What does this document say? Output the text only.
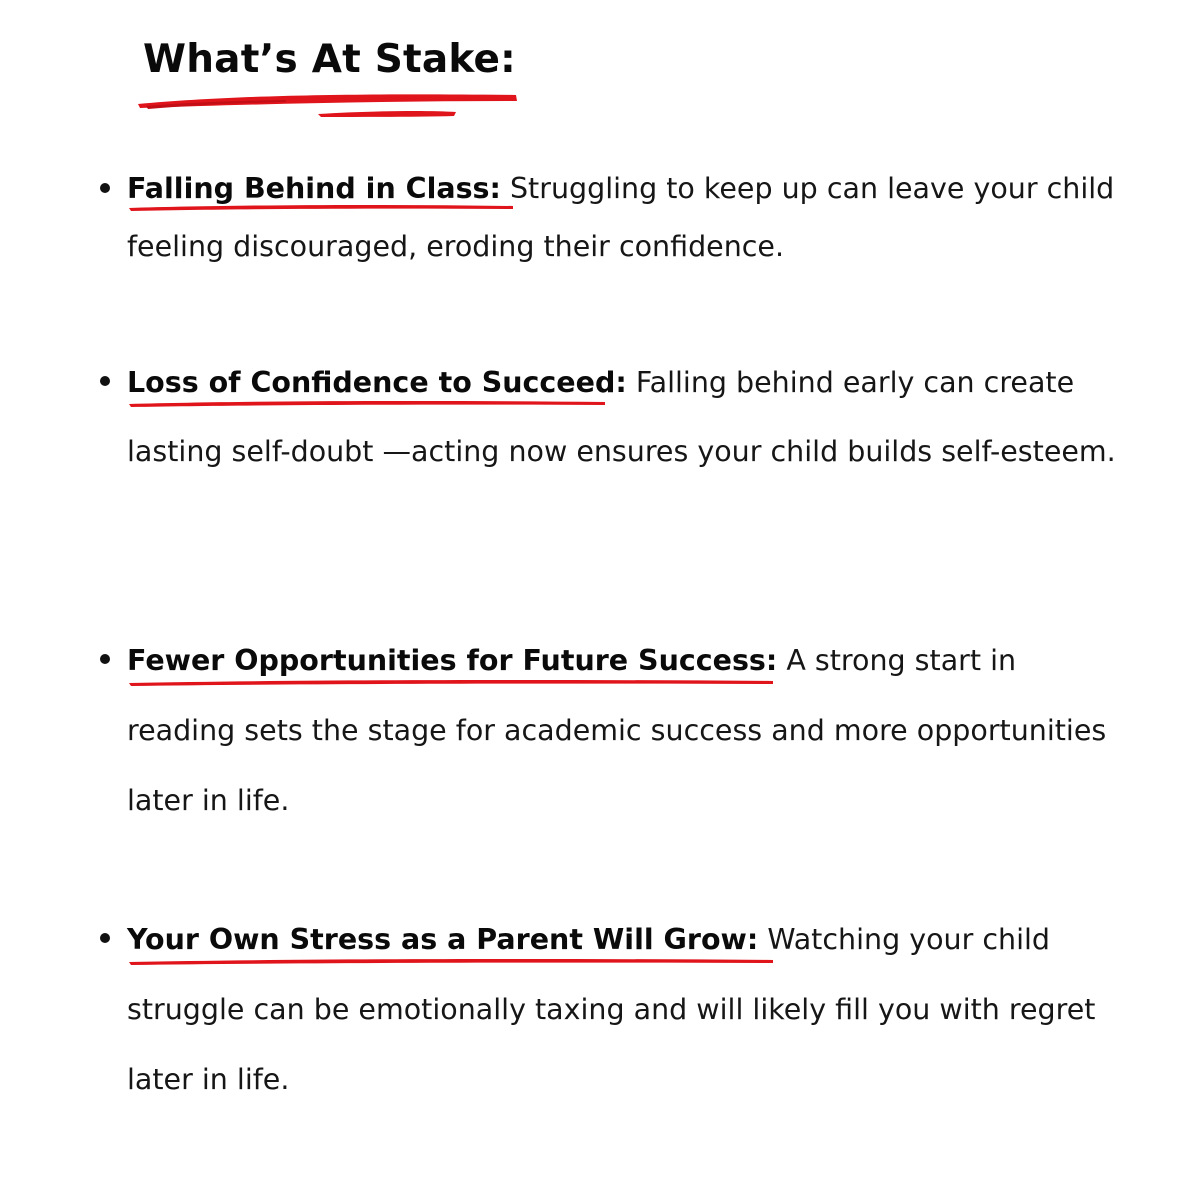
What’s At Stake:

Falling Behind in Class: Struggling to keep up can leave your child feeling discouraged, eroding their confidence.

Loss of Confidence to Succeed: Falling behind early can create lasting self-doubt —acting now ensures your child builds self-esteem.

Fewer Opportunities for Future Success: A strong start in reading sets the stage for academic success and more opportunities later in life.

Your Own Stress as a Parent Will Grow: Watching your child struggle can be emotionally taxing and will likely fill you with regret later in life.
